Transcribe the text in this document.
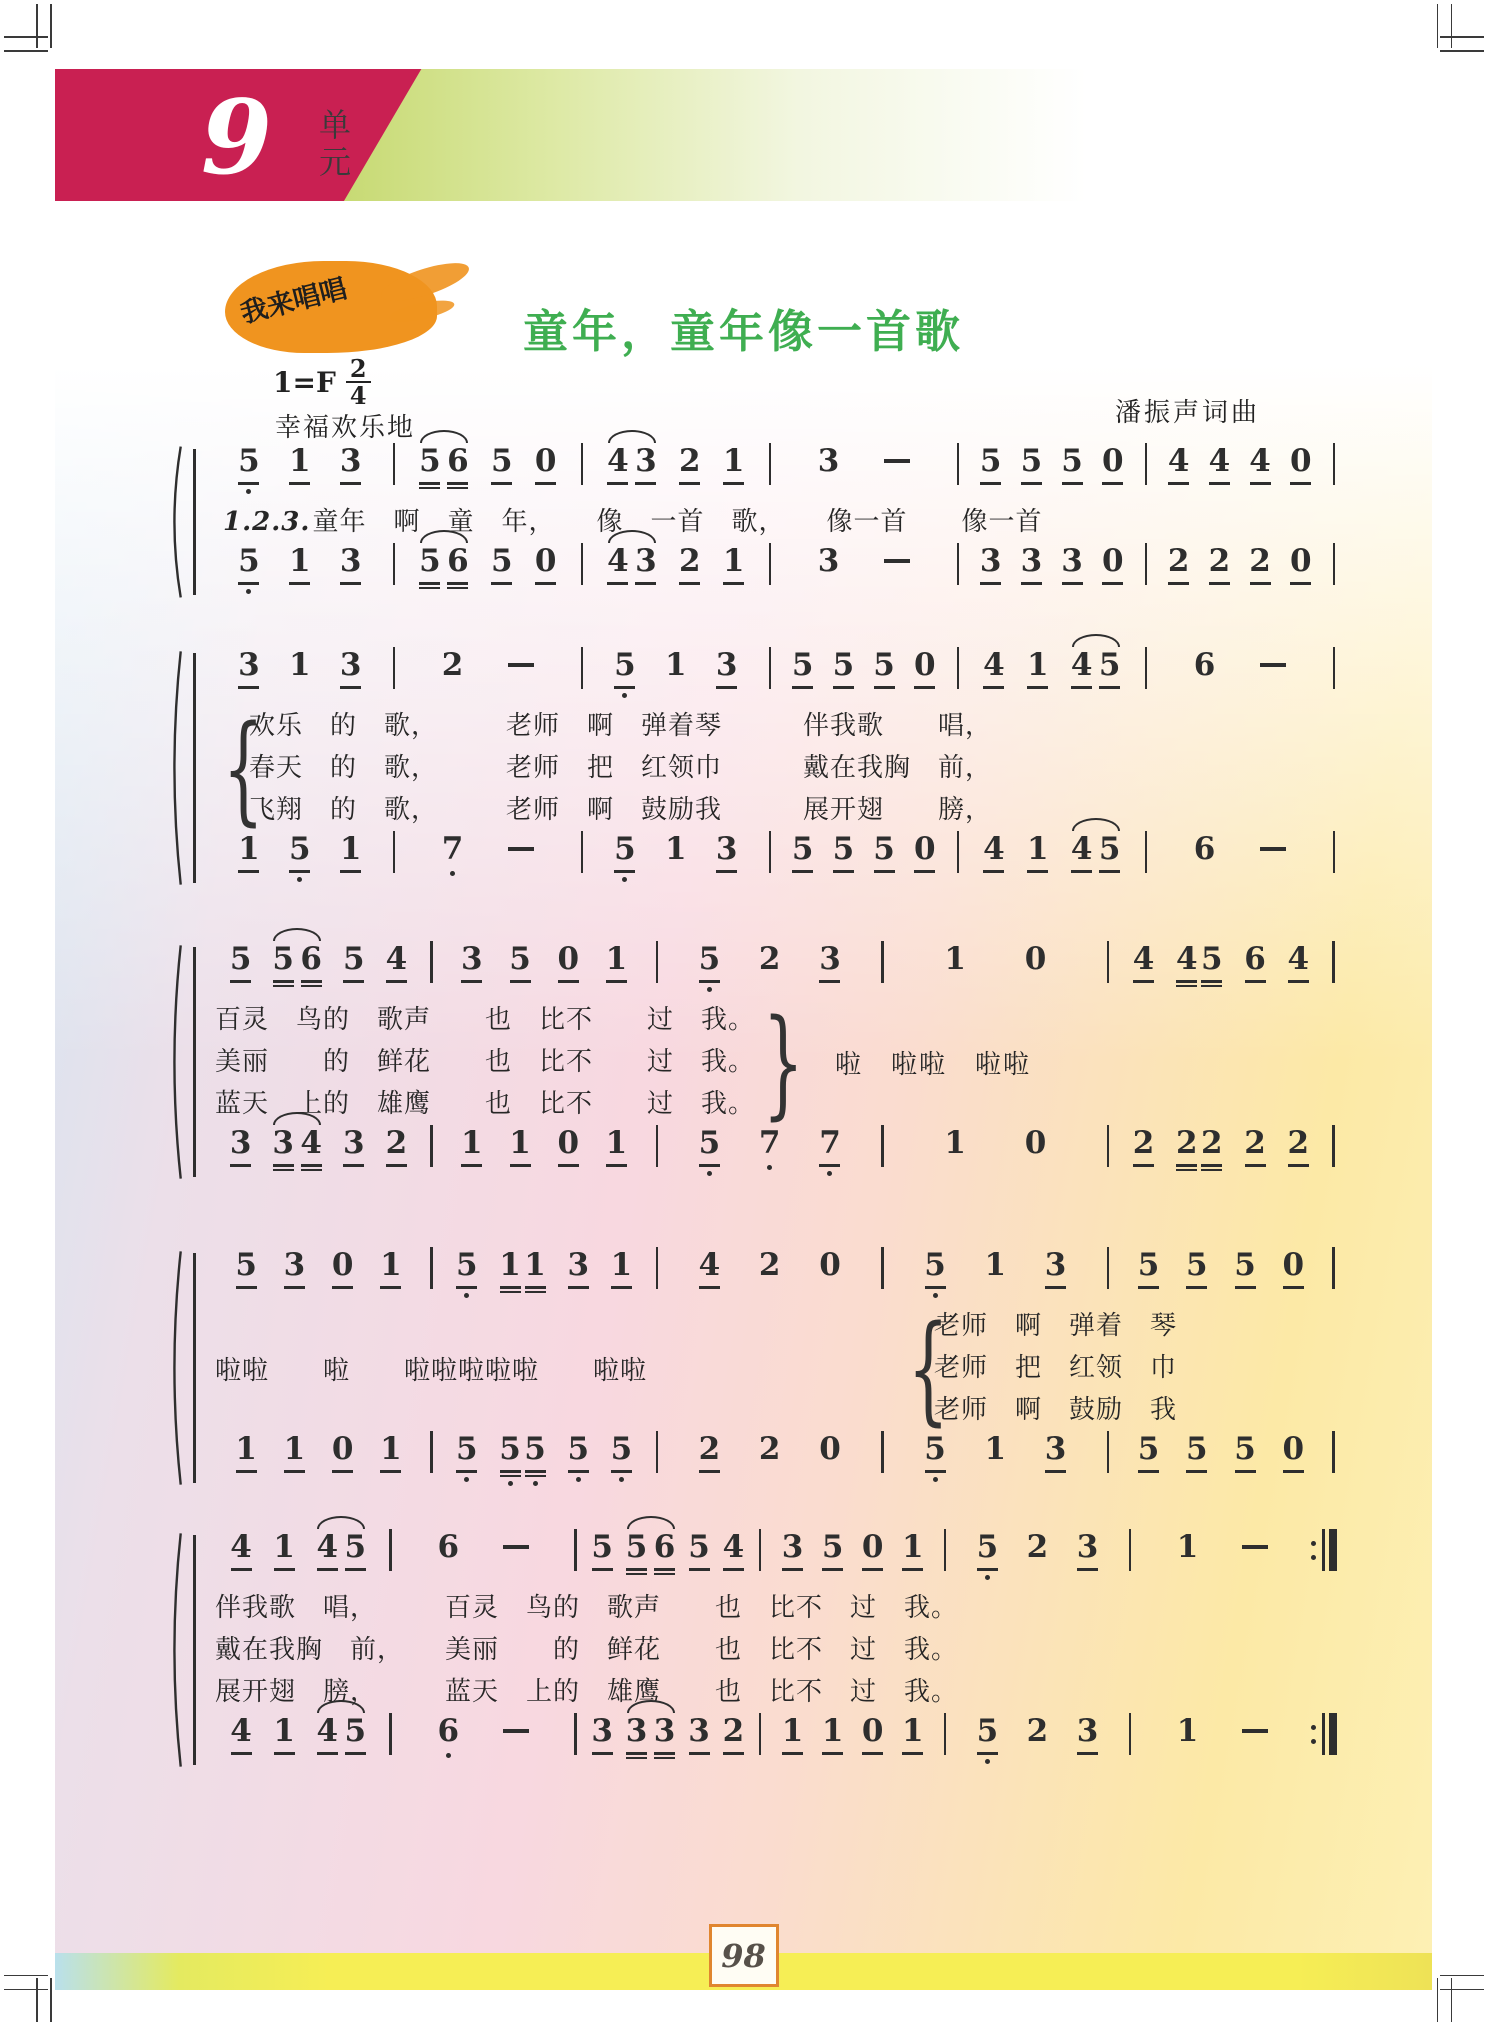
9 单
元
我来唱唱
童年，童年像一首歌
$1=F \frac{2}{4}$
幸福欢乐地	潘振声词曲
5 1 3 5 6 5 0 4 3 2 1 3	5 5 5 0 4 4 4 0
1.2.3.童年　啊　童　年，　　像　一首　歌，　　像一首　　像一首
5 1 3 5 6 5 0 4 3 2 1 3	3 3 3 0 2 2 2 0
3 1 3	2	5 1 3 5 5 5 0 4 1 4 5 6
{
欢乐　的　歌，　　　老师　啊　弹着琴　　　伴我歌　　唱，
春天　的　歌，　　　老师　把　红领巾　　　戴在我胸　前，
飞翔　的　歌，　　　老师　啊　鼓励我　　　展开翅　　膀，
1 5 1	7	5 1 3 5 5 5 0 4 1 4 5 6
5 5 6 5 4 3 5 0 1 5 2 3	1 0	4 4 5 6 4
百灵　鸟的　歌声　　也　比不　　过　我。
美丽　　的　鲜花　　也　比不　　过　我。
蓝天　上的　雄鹰　　也　比不　　过　我。 } 啦　啦啦　啦啦
3 3 4 3 2 1 1 0 1 5 7 7	1 0	2 2 2 2 2
5 3 0 1 5 1 1 3 1 4 2 0	5 1 3 5 5 5 0
啦啦　　啦　　啦啦啦啦啦　　啦啦 {
老师　啊　弹着　琴
老师　把　红领　巾
老师　啊　鼓励　我
1 1 0 1 5 5 5 5 5 2 2 0	5 1 3 5 5 5 0
4 1 4 5 6	5 5 6 5 4 3 5 0 1 5 2 3	1
伴我歌　唱，　　　百灵　鸟的　歌声　　也　比不　过　我。
戴在我胸　前，　　美丽　　的　鲜花　　也　比不　过　我。
展开翅　膀，　　　蓝天　上的　雄鹰　　也　比不　过　我。
4 1 4 5 6	3 3 3 3 2 1 1 0 1 5 2 3	1
98
